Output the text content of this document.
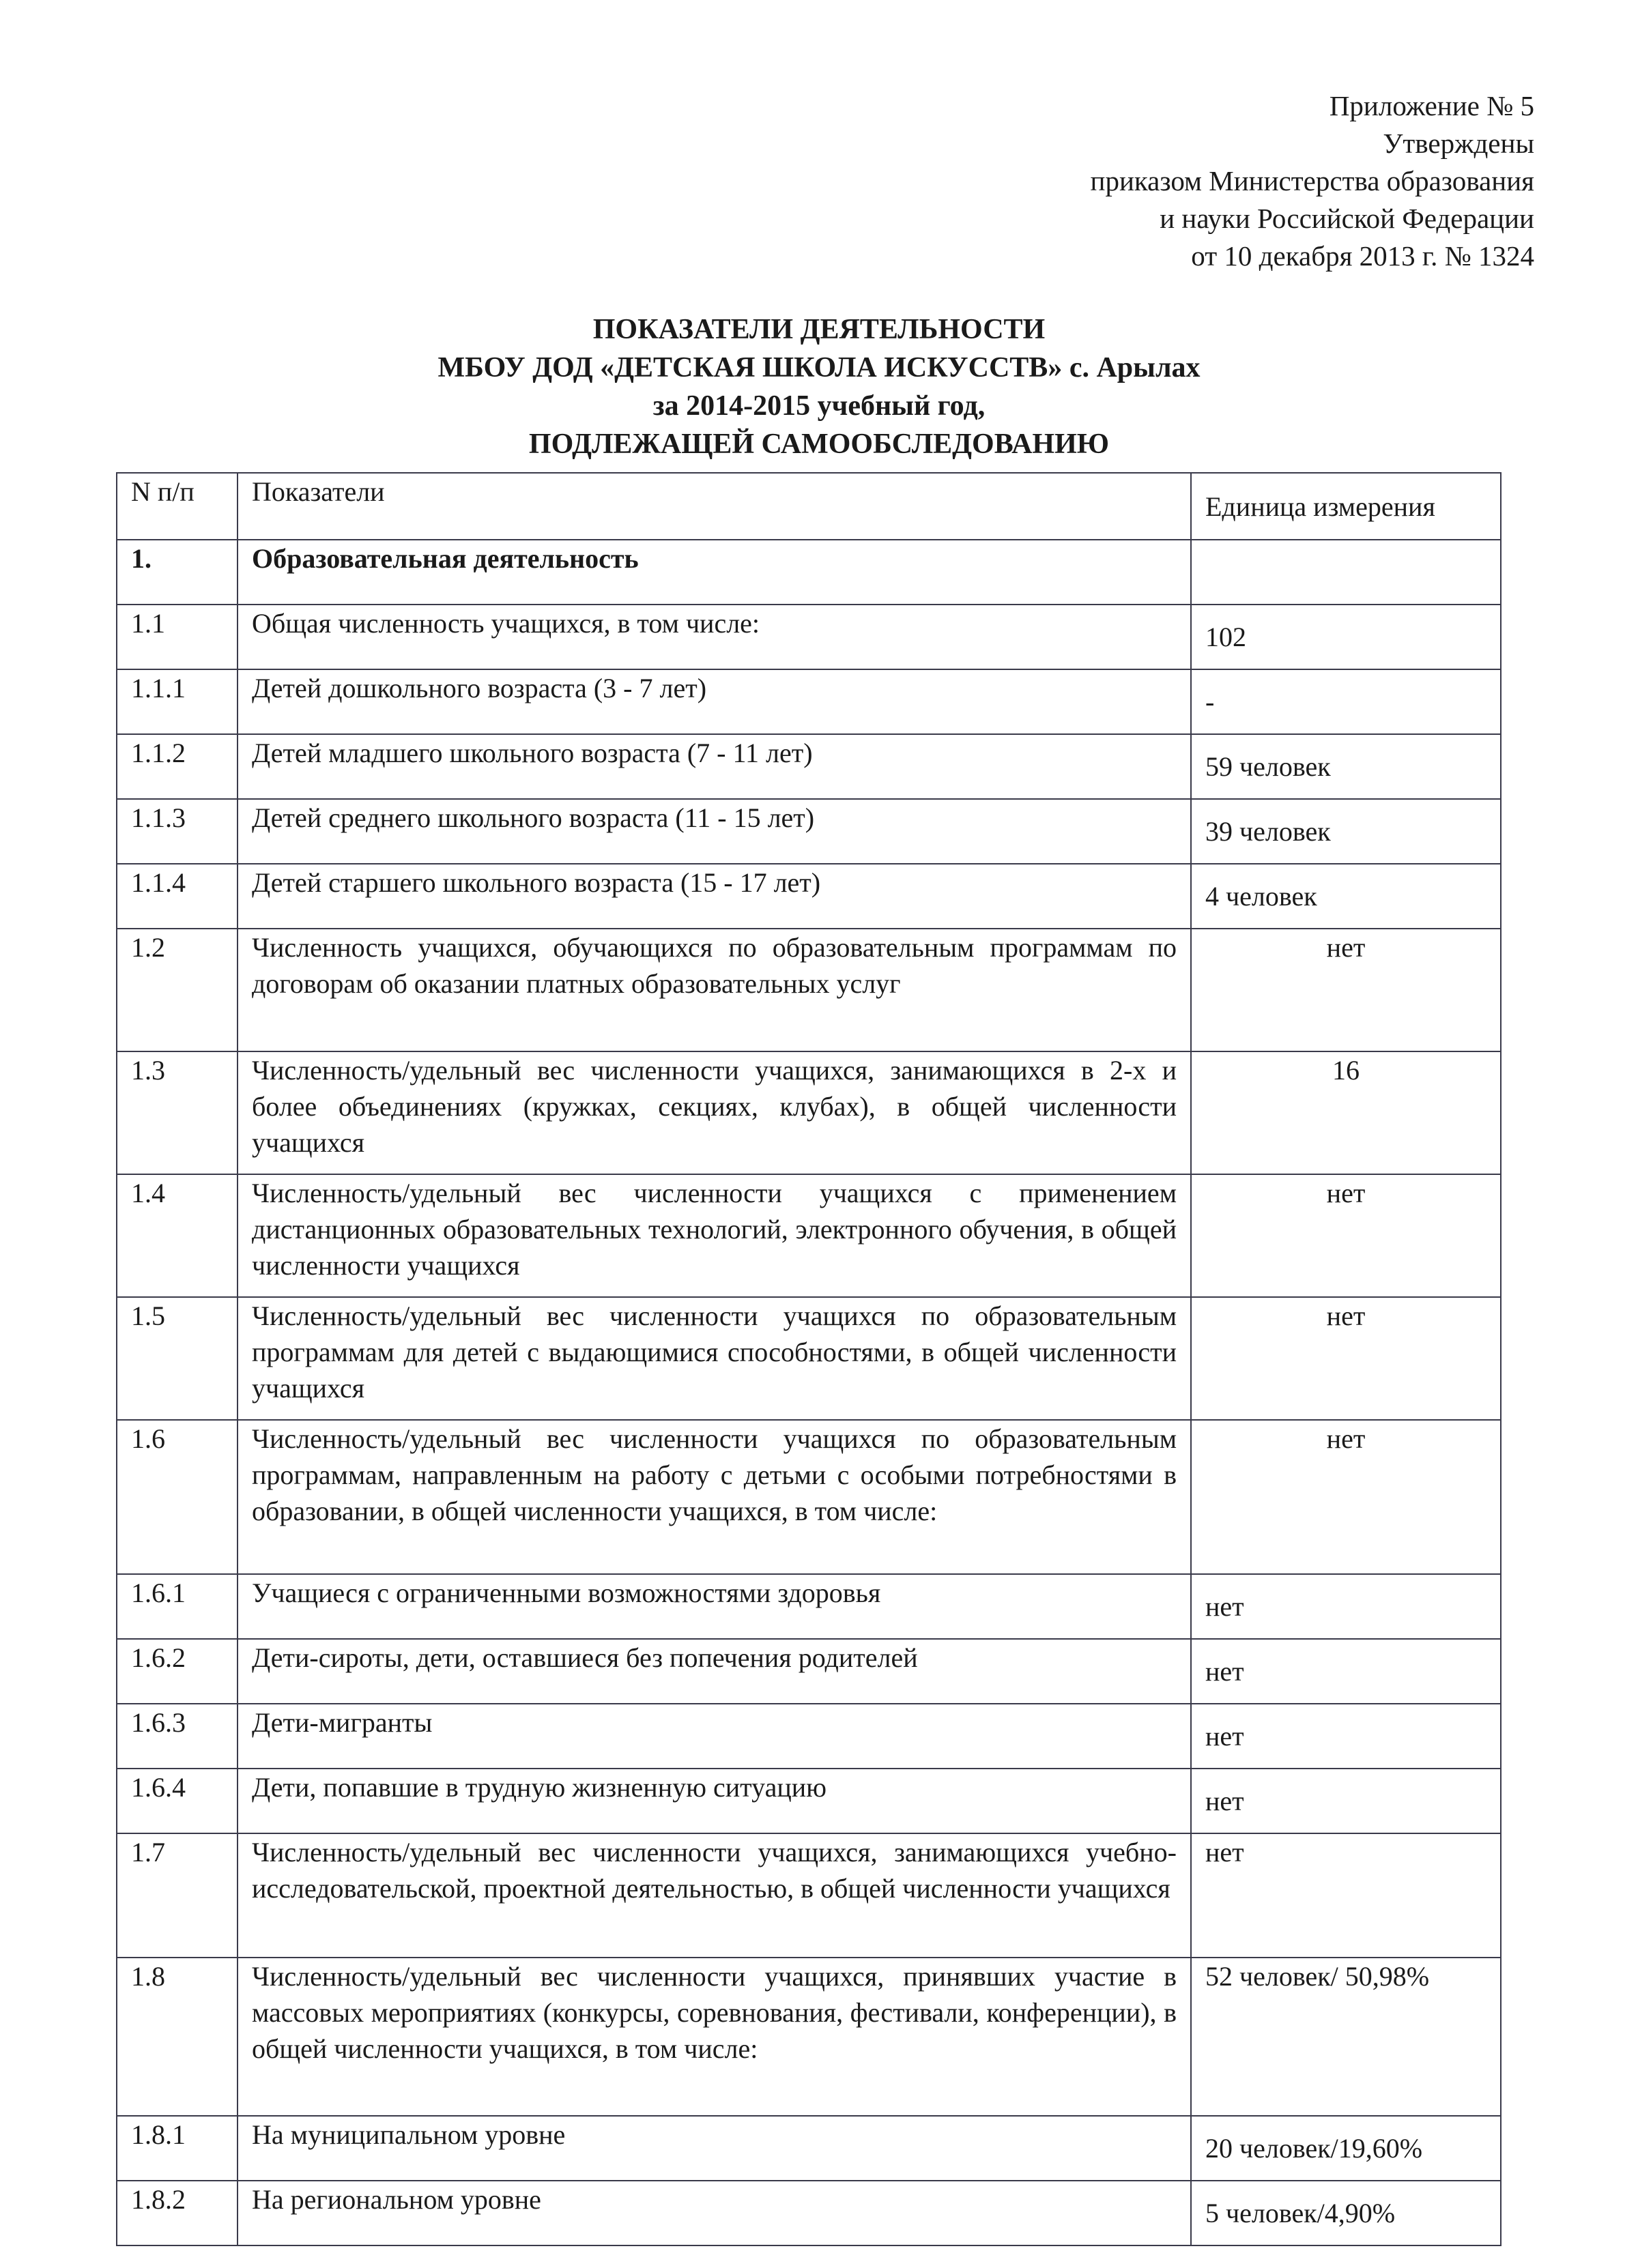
Приложение № 5
Утверждены
приказом Министерства образования
и науки Российской Федерации
от 10 декабря 2013 г. № 1324
ПОКАЗАТЕЛИ ДЕЯТЕЛЬНОСТИ
МБОУ ДОД «ДЕТСКАЯ ШКОЛА ИСКУССТВ» с. Арылах
за 2014-2015 учебный год,
ПОДЛЕЖАЩЕЙ САМООБСЛЕДОВАНИЮ
N п/п	Показатели	Единица измерения
1.	Образовательная деятельность	
1.1	Общая численность учащихся, в том числе:	102
1.1.1	Детей дошкольного возраста (3 - 7 лет)	-
1.1.2	Детей младшего школьного возраста (7 - 11 лет)	59 человек
1.1.3	Детей среднего школьного возраста (11 - 15 лет)	39 человек
1.1.4	Детей старшего школьного возраста (15 - 17 лет)	4 человек
1.2	Численность учащихся, обучающихся по образовательным программам по договорам об оказании платных образовательных услуг	нет
1.3	Численность/удельный вес численности учащихся, занимающихся в 2-х и более объединениях (кружках, секциях, клубах), в общей численности учащихся	16
1.4	Численность/удельный вес численности учащихся с применением дистанционных образовательных технологий, электронного обучения, в общей численности учащихся	нет
1.5	Численность/удельный вес численности учащихся по образовательным программам для детей с выдающимися способностями, в общей численности учащихся	нет
1.6	Численность/удельный вес численности учащихся по образовательным программам, направленным на работу с детьми с особыми потребностями в образовании, в общей численности учащихся, в том числе:	нет
1.6.1	Учащиеся с ограниченными возможностями здоровья	нет
1.6.2	Дети-сироты, дети, оставшиеся без попечения родителей	нет
1.6.3	Дети-мигранты	нет
1.6.4	Дети, попавшие в трудную жизненную ситуацию	нет
1.7	Численность/удельный вес численности учащихся, занимающихся учебно-исследовательской, проектной деятельностью, в общей численности учащихся	нет
1.8	Численность/удельный вес численности учащихся, принявших участие в массовых мероприятиях (конкурсы, соревнования, фестивали, конференции), в общей численности учащихся, в том числе:	52 человек/ 50,98%
1.8.1	На муниципальном уровне	20 человек/19,60%
1.8.2	На региональном уровне	5 человек/4,90%
